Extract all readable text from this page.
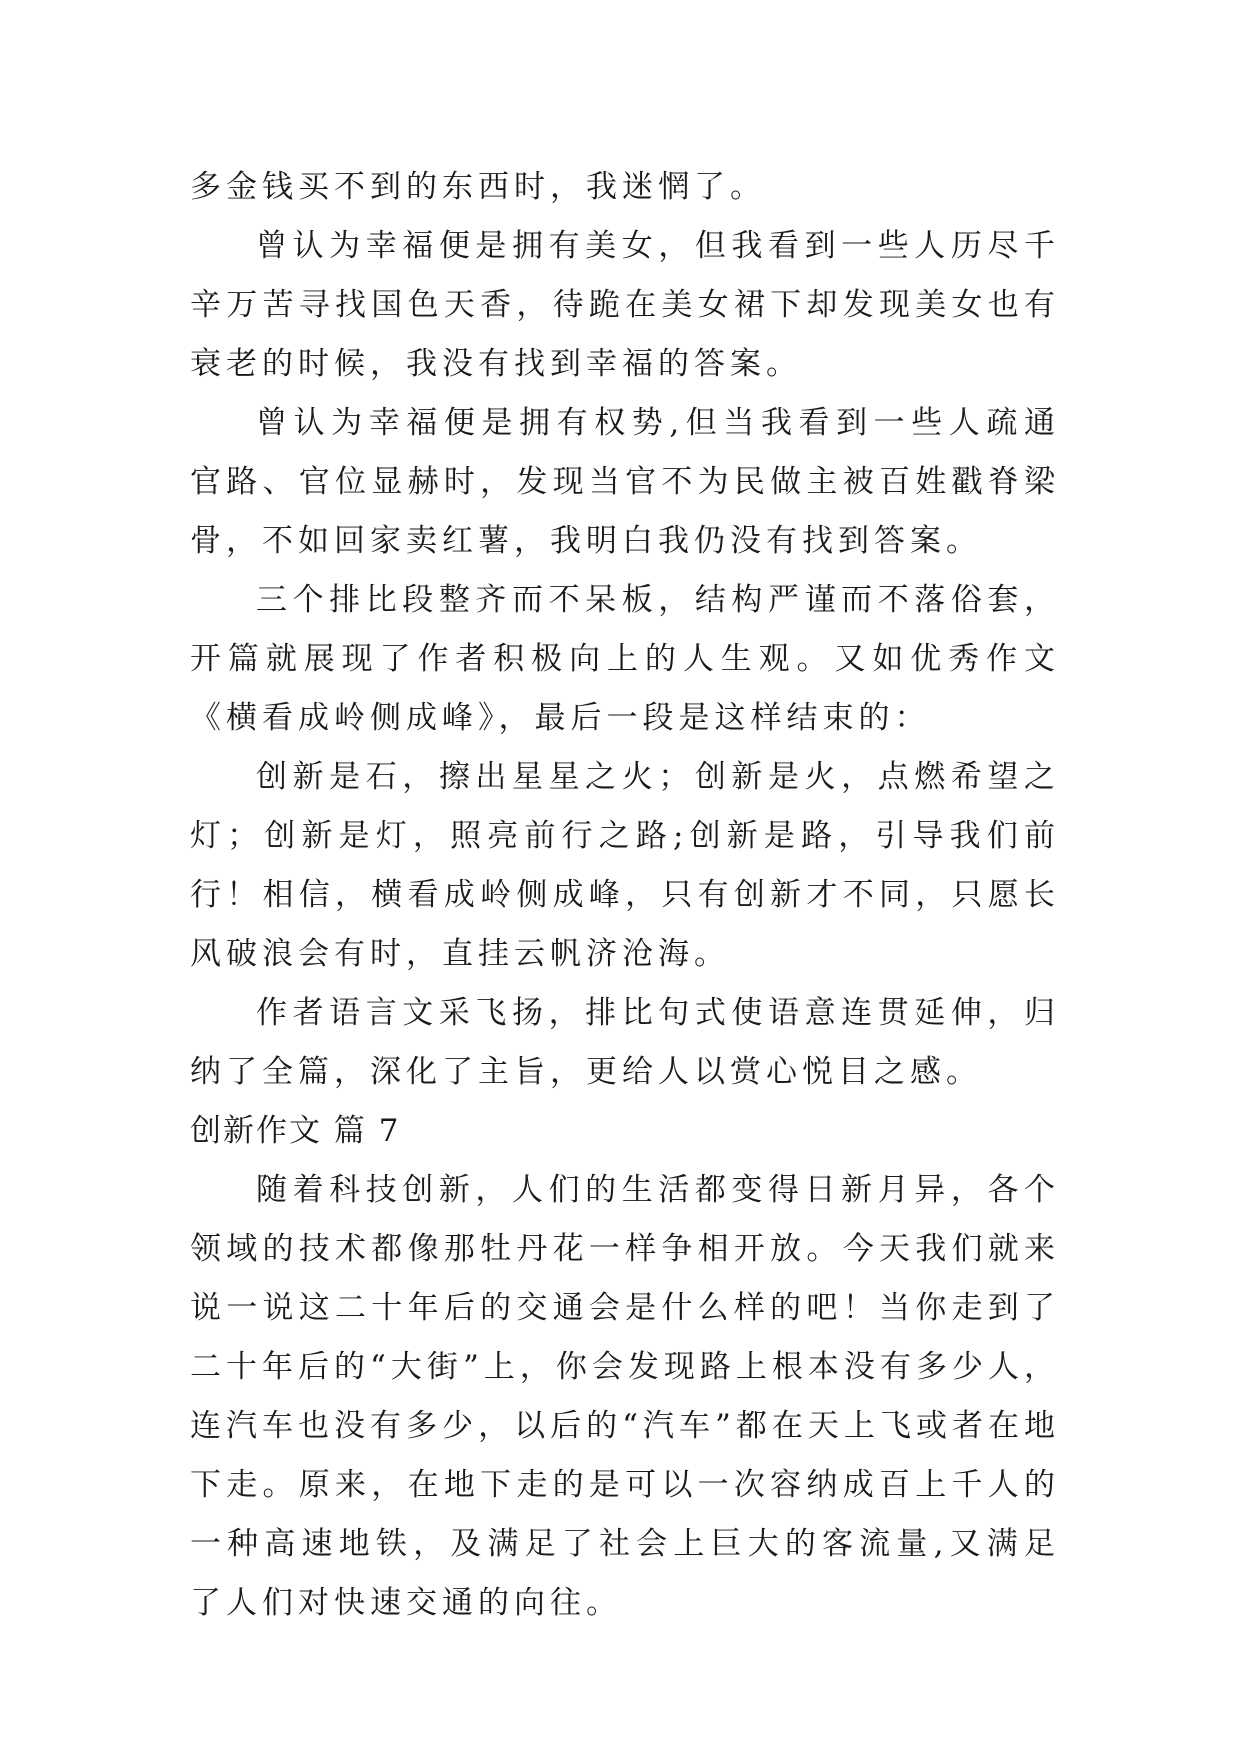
多金钱买不到的东西时，我迷惘了。

曾认为幸福便是拥有美女，但我看到一些人历尽千辛万苦寻找国色天香，待跪在美女裙下却发现美女也有衰老的时候，我没有找到幸福的答案。

曾认为幸福便是拥有权势,但当我看到一些人疏通官路、官位显赫时，发现当官不为民做主被百姓戳脊梁骨，不如回家卖红薯，我明白我仍没有找到答案。

三个排比段整齐而不呆板，结构严谨而不落俗套，开篇就展现了作者积极向上的人生观。又如优秀作文《横看成岭侧成峰》，最后一段是这样结束的：

创新是石，擦出星星之火；创新是火，点燃希望之灯；创新是灯，照亮前行之路;创新是路，引导我们前行！相信，横看成岭侧成峰，只有创新才不同，只愿长风破浪会有时，直挂云帆济沧海。

作者语言文采飞扬，排比句式使语意连贯延伸，归纳了全篇，深化了主旨，更给人以赏心悦目之感。

创新作文 篇 7

随着科技创新，人们的生活都变得日新月异，各个领域的技术都像那牡丹花一样争相开放。今天我们就来说一说这二十年后的交通会是什么样的吧！当你走到了二十年后的“大街”上，你会发现路上根本没有多少人，连汽车也没有多少，以后的“汽车”都在天上飞或者在地下走。原来，在地下走的是可以一次容纳成百上千人的一种高速地铁，及满足了社会上巨大的客流量,又满足了人们对快速交通的向往。
